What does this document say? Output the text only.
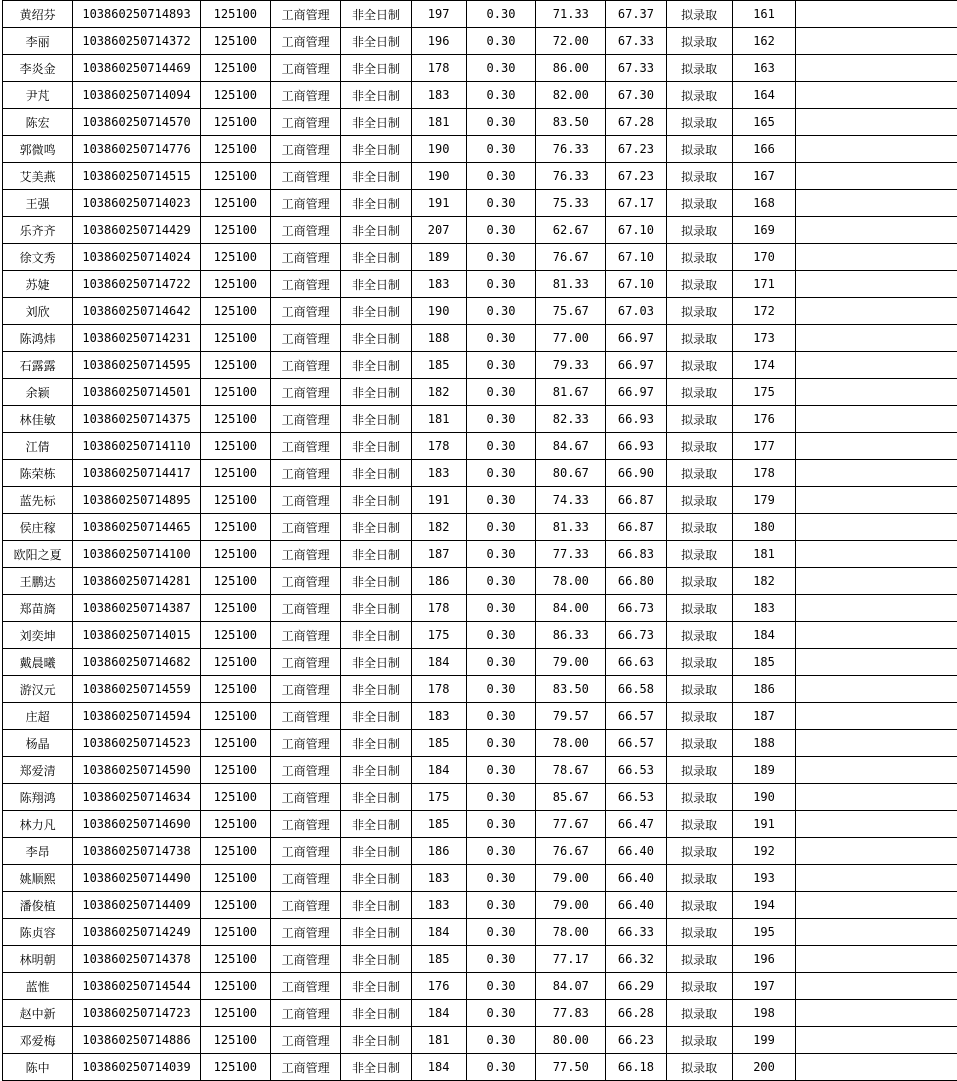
黄绍芬	103860250714893	125100	工商管理	非全日制	197	0.30	71.33	67.37	拟录取	161	
李丽	103860250714372	125100	工商管理	非全日制	196	0.30	72.00	67.33	拟录取	162	
李炎金	103860250714469	125100	工商管理	非全日制	178	0.30	86.00	67.33	拟录取	163	
尹芃	103860250714094	125100	工商管理	非全日制	183	0.30	82.00	67.30	拟录取	164	
陈宏	103860250714570	125100	工商管理	非全日制	181	0.30	83.50	67.28	拟录取	165	
郭微鸣	103860250714776	125100	工商管理	非全日制	190	0.30	76.33	67.23	拟录取	166	
艾美燕	103860250714515	125100	工商管理	非全日制	190	0.30	76.33	67.23	拟录取	167	
王强	103860250714023	125100	工商管理	非全日制	191	0.30	75.33	67.17	拟录取	168	
乐齐齐	103860250714429	125100	工商管理	非全日制	207	0.30	62.67	67.10	拟录取	169	
徐文秀	103860250714024	125100	工商管理	非全日制	189	0.30	76.67	67.10	拟录取	170	
苏婕	103860250714722	125100	工商管理	非全日制	183	0.30	81.33	67.10	拟录取	171	
刘欣	103860250714642	125100	工商管理	非全日制	190	0.30	75.67	67.03	拟录取	172	
陈鸿炜	103860250714231	125100	工商管理	非全日制	188	0.30	77.00	66.97	拟录取	173	
石露露	103860250714595	125100	工商管理	非全日制	185	0.30	79.33	66.97	拟录取	174	
余颖	103860250714501	125100	工商管理	非全日制	182	0.30	81.67	66.97	拟录取	175	
林佳敏	103860250714375	125100	工商管理	非全日制	181	0.30	82.33	66.93	拟录取	176	
江倩	103860250714110	125100	工商管理	非全日制	178	0.30	84.67	66.93	拟录取	177	
陈荣栋	103860250714417	125100	工商管理	非全日制	183	0.30	80.67	66.90	拟录取	178	
蓝先标	103860250714895	125100	工商管理	非全日制	191	0.30	74.33	66.87	拟录取	179	
侯庄稼	103860250714465	125100	工商管理	非全日制	182	0.30	81.33	66.87	拟录取	180	
欧阳之夏	103860250714100	125100	工商管理	非全日制	187	0.30	77.33	66.83	拟录取	181	
王鹏达	103860250714281	125100	工商管理	非全日制	186	0.30	78.00	66.80	拟录取	182	
郑苗旖	103860250714387	125100	工商管理	非全日制	178	0.30	84.00	66.73	拟录取	183	
刘奕坤	103860250714015	125100	工商管理	非全日制	175	0.30	86.33	66.73	拟录取	184	
戴晨曦	103860250714682	125100	工商管理	非全日制	184	0.30	79.00	66.63	拟录取	185	
游汉元	103860250714559	125100	工商管理	非全日制	178	0.30	83.50	66.58	拟录取	186	
庄超	103860250714594	125100	工商管理	非全日制	183	0.30	79.57	66.57	拟录取	187	
杨晶	103860250714523	125100	工商管理	非全日制	185	0.30	78.00	66.57	拟录取	188	
郑爱清	103860250714590	125100	工商管理	非全日制	184	0.30	78.67	66.53	拟录取	189	
陈翔鸿	103860250714634	125100	工商管理	非全日制	175	0.30	85.67	66.53	拟录取	190	
林力凡	103860250714690	125100	工商管理	非全日制	185	0.30	77.67	66.47	拟录取	191	
李昂	103860250714738	125100	工商管理	非全日制	186	0.30	76.67	66.40	拟录取	192	
姚顺熙	103860250714490	125100	工商管理	非全日制	183	0.30	79.00	66.40	拟录取	193	
潘俊植	103860250714409	125100	工商管理	非全日制	183	0.30	79.00	66.40	拟录取	194	
陈贞容	103860250714249	125100	工商管理	非全日制	184	0.30	78.00	66.33	拟录取	195	
林明朝	103860250714378	125100	工商管理	非全日制	185	0.30	77.17	66.32	拟录取	196	
蓝惟	103860250714544	125100	工商管理	非全日制	176	0.30	84.07	66.29	拟录取	197	
赵中新	103860250714723	125100	工商管理	非全日制	184	0.30	77.83	66.28	拟录取	198	
邓爱梅	103860250714886	125100	工商管理	非全日制	181	0.30	80.00	66.23	拟录取	199	
陈中	103860250714039	125100	工商管理	非全日制	184	0.30	77.50	66.18	拟录取	200	
